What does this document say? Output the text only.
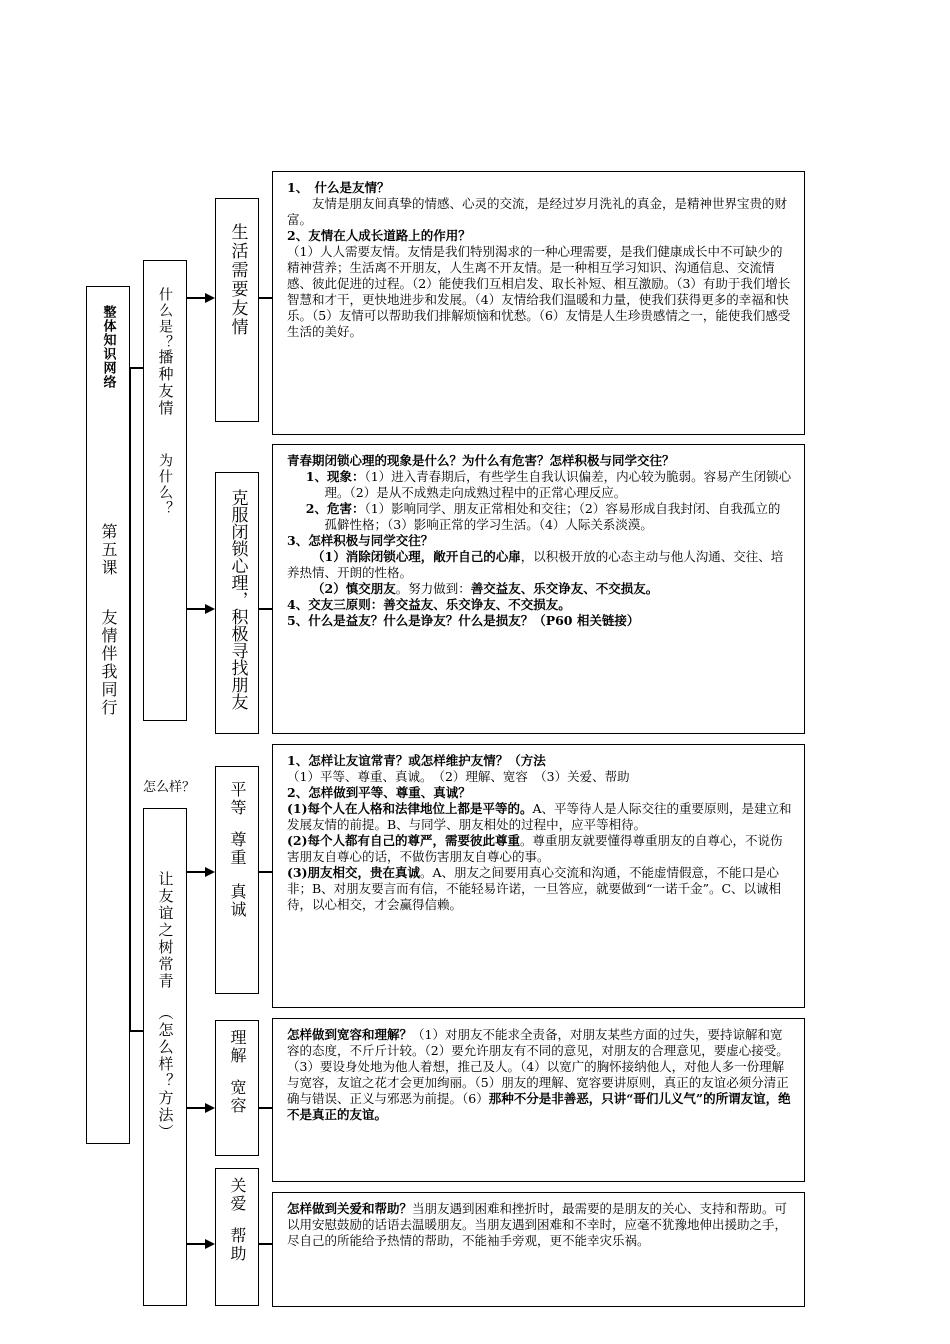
整体知识网络
第五课
友情伴我同行
什么是？
播种友情
为什么？
生活需要友情
克服闭锁心理，积极寻找朋友

1、　什么是友情？

友情是朋友间真挚的情感、心灵的交流，是经过岁月洗礼的真金，是精神世界宝贵的财富。

2、友情在人成长道路上的作用？

（1）人人需要友情。友情是我们特别渴求的一种心理需要，是我们健康成长中不可缺少的精神营养；生活离不开朋友，人生离不开友情。是一种相互学习知识、沟通信息、交流情感、彼此促进的过程。（2）能使我们互相启发、取长补短、相互激励。（3）有助于我们增长智慧和才干，更快地进步和发展。（4）友情给我们温暖和力量，使我们获得更多的幸福和快乐。（5）友情可以帮助我们排解烦恼和忧愁。（6）友情是人生珍贵感情之一，能使我们感受生活的美好。

青春期闭锁心理的现象是什么？为什么有危害？怎样积极与同学交往？

1、现象：（1）进入青春期后，有些学生自我认识偏差，内心较为脆弱。容易产生闭锁心理。（2）是从不成熟走向成熟过程中的正常心理反应。

2、危害：（1）影响同学、朋友正常相处和交往；（2）容易形成自我封闭、自我孤立的孤僻性格；（3）影响正常的学习生活。（4）人际关系淡漠。

3、怎样积极与同学交往？

（1）消除闭锁心理，敞开自己的心扉，以积极开放的心态主动与他人沟通、交往、培养热情、开朗的性格。

（2）慎交朋友。努力做到：善交益友、乐交诤友、不交损友。

4、交友三原则：善交益友、乐交诤友、不交损友。

5、什么是益友？什么是诤友？什么是损友？（P60 相关链接）

怎么样？
让友谊之树常青
（怎么样？方法）
平等
尊重
真诚
理解
宽容
关爱
帮助

1、怎样让友谊常青？或怎样维护友情？（方法

（1）平等、尊重、真诚。　（2）理解、宽容　（3）关爱、帮助

2、怎样做到平等、尊重、真诚？

(1)每个人在人格和法律地位上都是平等的。A、平等待人是人际交往的重要原则，是建立和发展友情的前提。B、与同学、朋友相处的过程中，应平等相待。

(2)每个人都有自己的尊严，需要彼此尊重。尊重朋友就要懂得尊重朋友的自尊心，不说伤害朋友自尊心的话，不做伤害朋友自尊心的事。

(3)朋友相交，贵在真诚。A、朋友之间要用真心交流和沟通，不能虚情假意，不能口是心非；B、对朋友要言而有信，不能轻易许诺，一旦答应，就要做到“一诺千金”。C、以诚相待，以心相交，才会赢得信赖。

怎样做到宽容和理解？（1）对朋友不能求全责备，对朋友某些方面的过失，要持谅解和宽容的态度，不斤斤计较。（2）要允许朋友有不同的意见，对朋友的合理意见，要虚心接受。（3）要设身处地为他人着想，推己及人。（4）以宽广的胸怀接纳他人，对他人多一份理解与宽容，友谊之花才会更加绚丽。（5）朋友的理解、宽容要讲原则，真正的友谊必须分清正确与错误、正义与邪恶为前提。（6）那种不分是非善恶，只讲“哥们儿义气”的所谓友谊，绝不是真正的友谊。

怎样做到关爱和帮助？当朋友遇到困难和挫折时，最需要的是朋友的关心、支持和帮助。可以用安慰鼓励的话语去温暖朋友。当朋友遇到困难和不幸时，应毫不犹豫地伸出援助之手，尽自己的所能给予热情的帮助，不能袖手旁观，更不能幸灾乐祸。
